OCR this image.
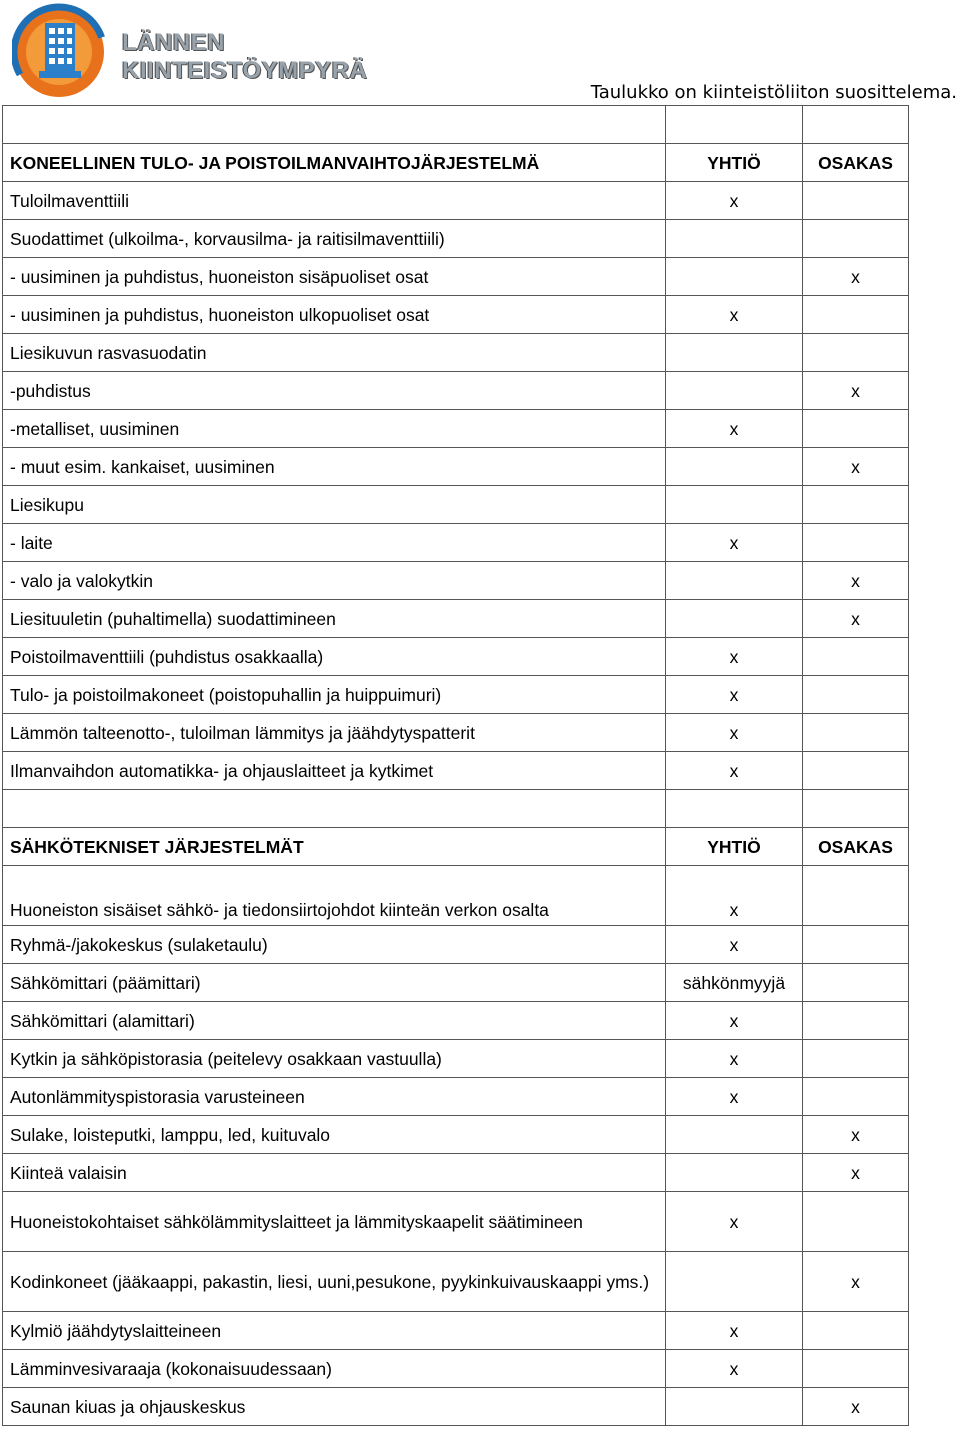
LÄNNEN
KIINTEISTÖYMPYRÄ
Taulukko on kiinteistöliiton suosittelema.

KONEELLINEN TULO- JA POISTOILMANVAIHTOJÄRJESTELMÄ	YHTIÖ	OSAKAS
Tuloilmaventtiili	x	
Suodattimet (ulkoilma-, korvausilma- ja raitisilmaventtiili)		
- uusiminen ja puhdistus, huoneiston sisäpuoliset osat		x
- uusiminen ja puhdistus, huoneiston ulkopuoliset osat	x	
Liesikuvun rasvasuodatin		
-puhdistus		x
-metalliset, uusiminen	x	
- muut esim. kankaiset, uusiminen		x
Liesikupu		
- laite	x	
- valo ja valokytkin		x
Liesituuletin (puhaltimella) suodattimineen		x
Poistoilmaventtiili (puhdistus osakkaalla)	x	
Tulo- ja poistoilmakoneet (poistopuhallin ja huippuimuri)	x	
Lämmön talteenotto-, tuloilman lämmitys ja jäähdytyspatterit	x	
Ilmanvaihdon automatikka- ja ohjauslaitteet ja kytkimet	x	

SÄHKÖTEKNISET JÄRJESTELMÄT	YHTIÖ	OSAKAS
Huoneiston sisäiset sähkö- ja tiedonsiirtojohdot kiinteän verkon osalta	x	
Ryhmä-/jakokeskus (sulaketaulu)	x	
Sähkömittari (päämittari)	sähkönmyyjä	
Sähkömittari (alamittari)	x	
Kytkin ja sähköpistorasia (peitelevy osakkaan vastuulla)	x	
Autonlämmityspistorasia varusteineen	x	
Sulake, loisteputki, lamppu, led, kuituvalo		x
Kiinteä valaisin		x
Huoneistokohtaiset sähkölämmityslaitteet ja lämmityskaapelit säätimineen	x	
Kodinkoneet (jääkaappi, pakastin, liesi, uuni,pesukone, pyykinkuivauskaappi yms.)		x
Kylmiö jäähdytyslaitteineen	x	
Lämminvesivaraaja (kokonaisuudessaan)	x	
Saunan kiuas ja ohjauskeskus		x
